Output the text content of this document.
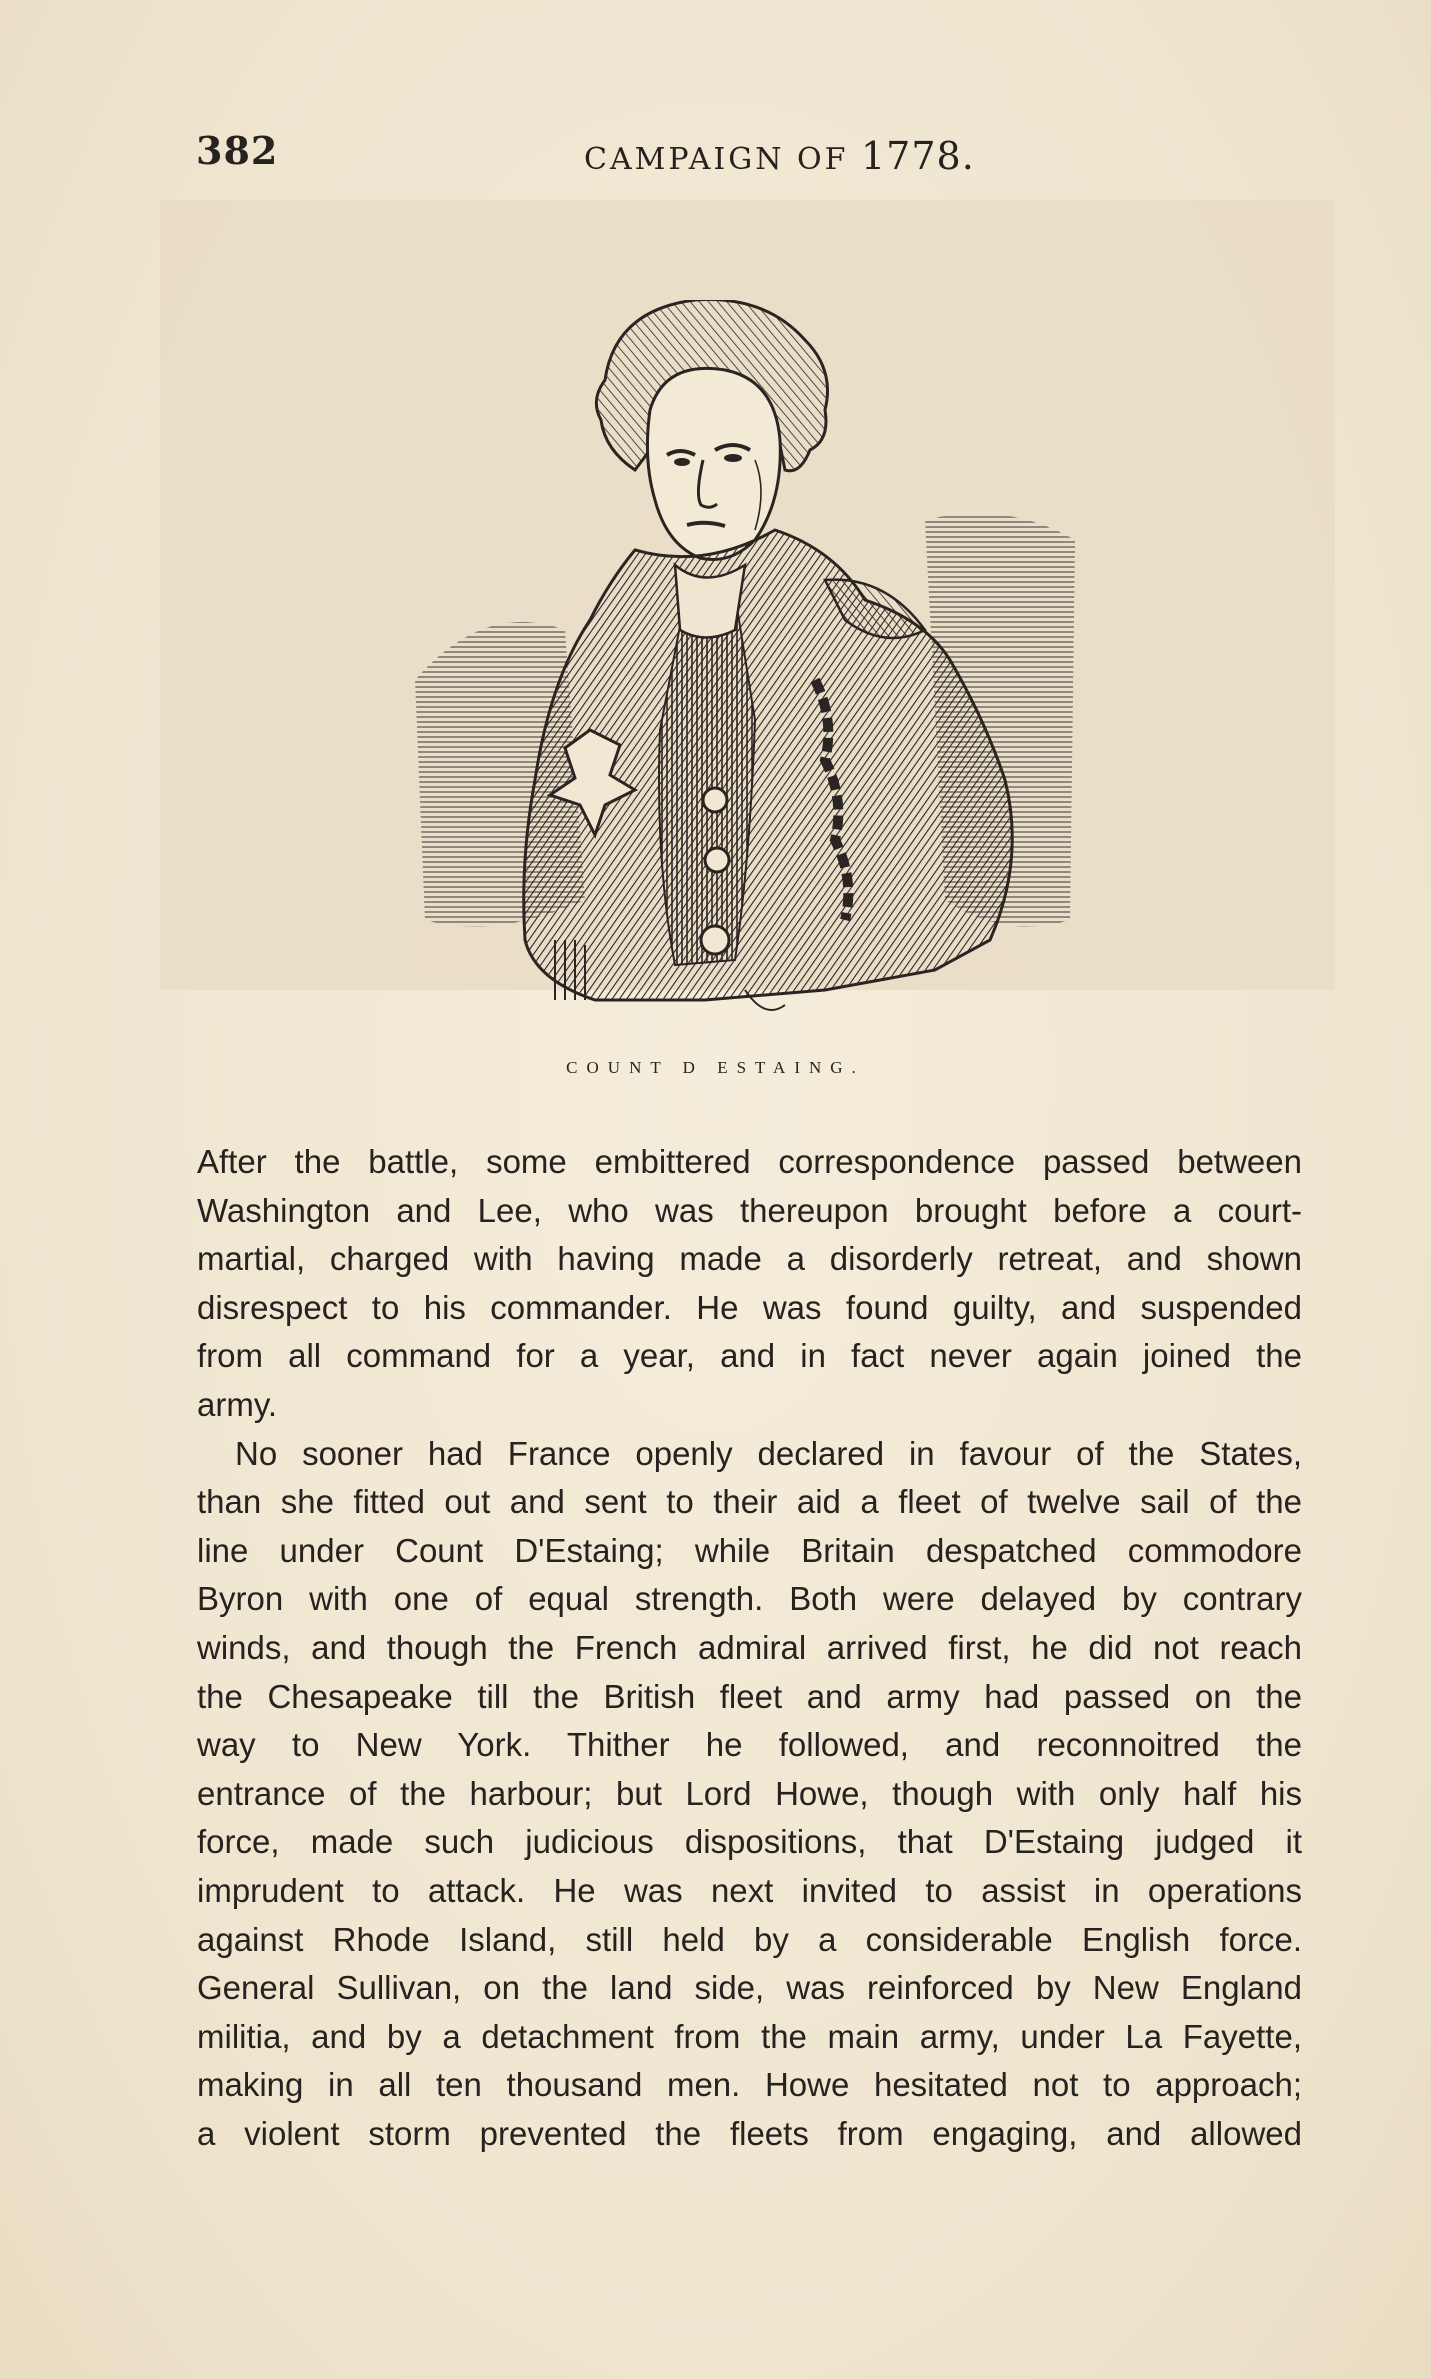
382	CAMPAIGN OF 1778.
COUNT D ESTAING.
After the battle, some embittered correspondence passed between
Washington and Lee, who was thereupon brought before a court-
martial, charged with having made a disorderly retreat, and shown
disrespect to his commander. He was found guilty, and suspended
from all command for a year, and in fact never again joined the
army.
No sooner had France openly declared in favour of the States,
than she fitted out and sent to their aid a fleet of twelve sail of the
line under Count D'Estaing; while Britain despatched commodore
Byron with one of equal strength. Both were delayed by contrary
winds, and though the French admiral arrived first, he did not reach
the Chesapeake till the British fleet and army had passed on the
way to New York. Thither he followed, and reconnoitred the
entrance of the harbour; but Lord Howe, though with only half his
force, made such judicious dispositions, that D'Estaing judged it
imprudent to attack. He was next invited to assist in operations
against Rhode Island, still held by a considerable English force.
General Sullivan, on the land side, was reinforced by New England
militia, and by a detachment from the main army, under La Fayette,
making in all ten thousand men. Howe hesitated not to approach;
a violent storm prevented the fleets from engaging, and allowed
